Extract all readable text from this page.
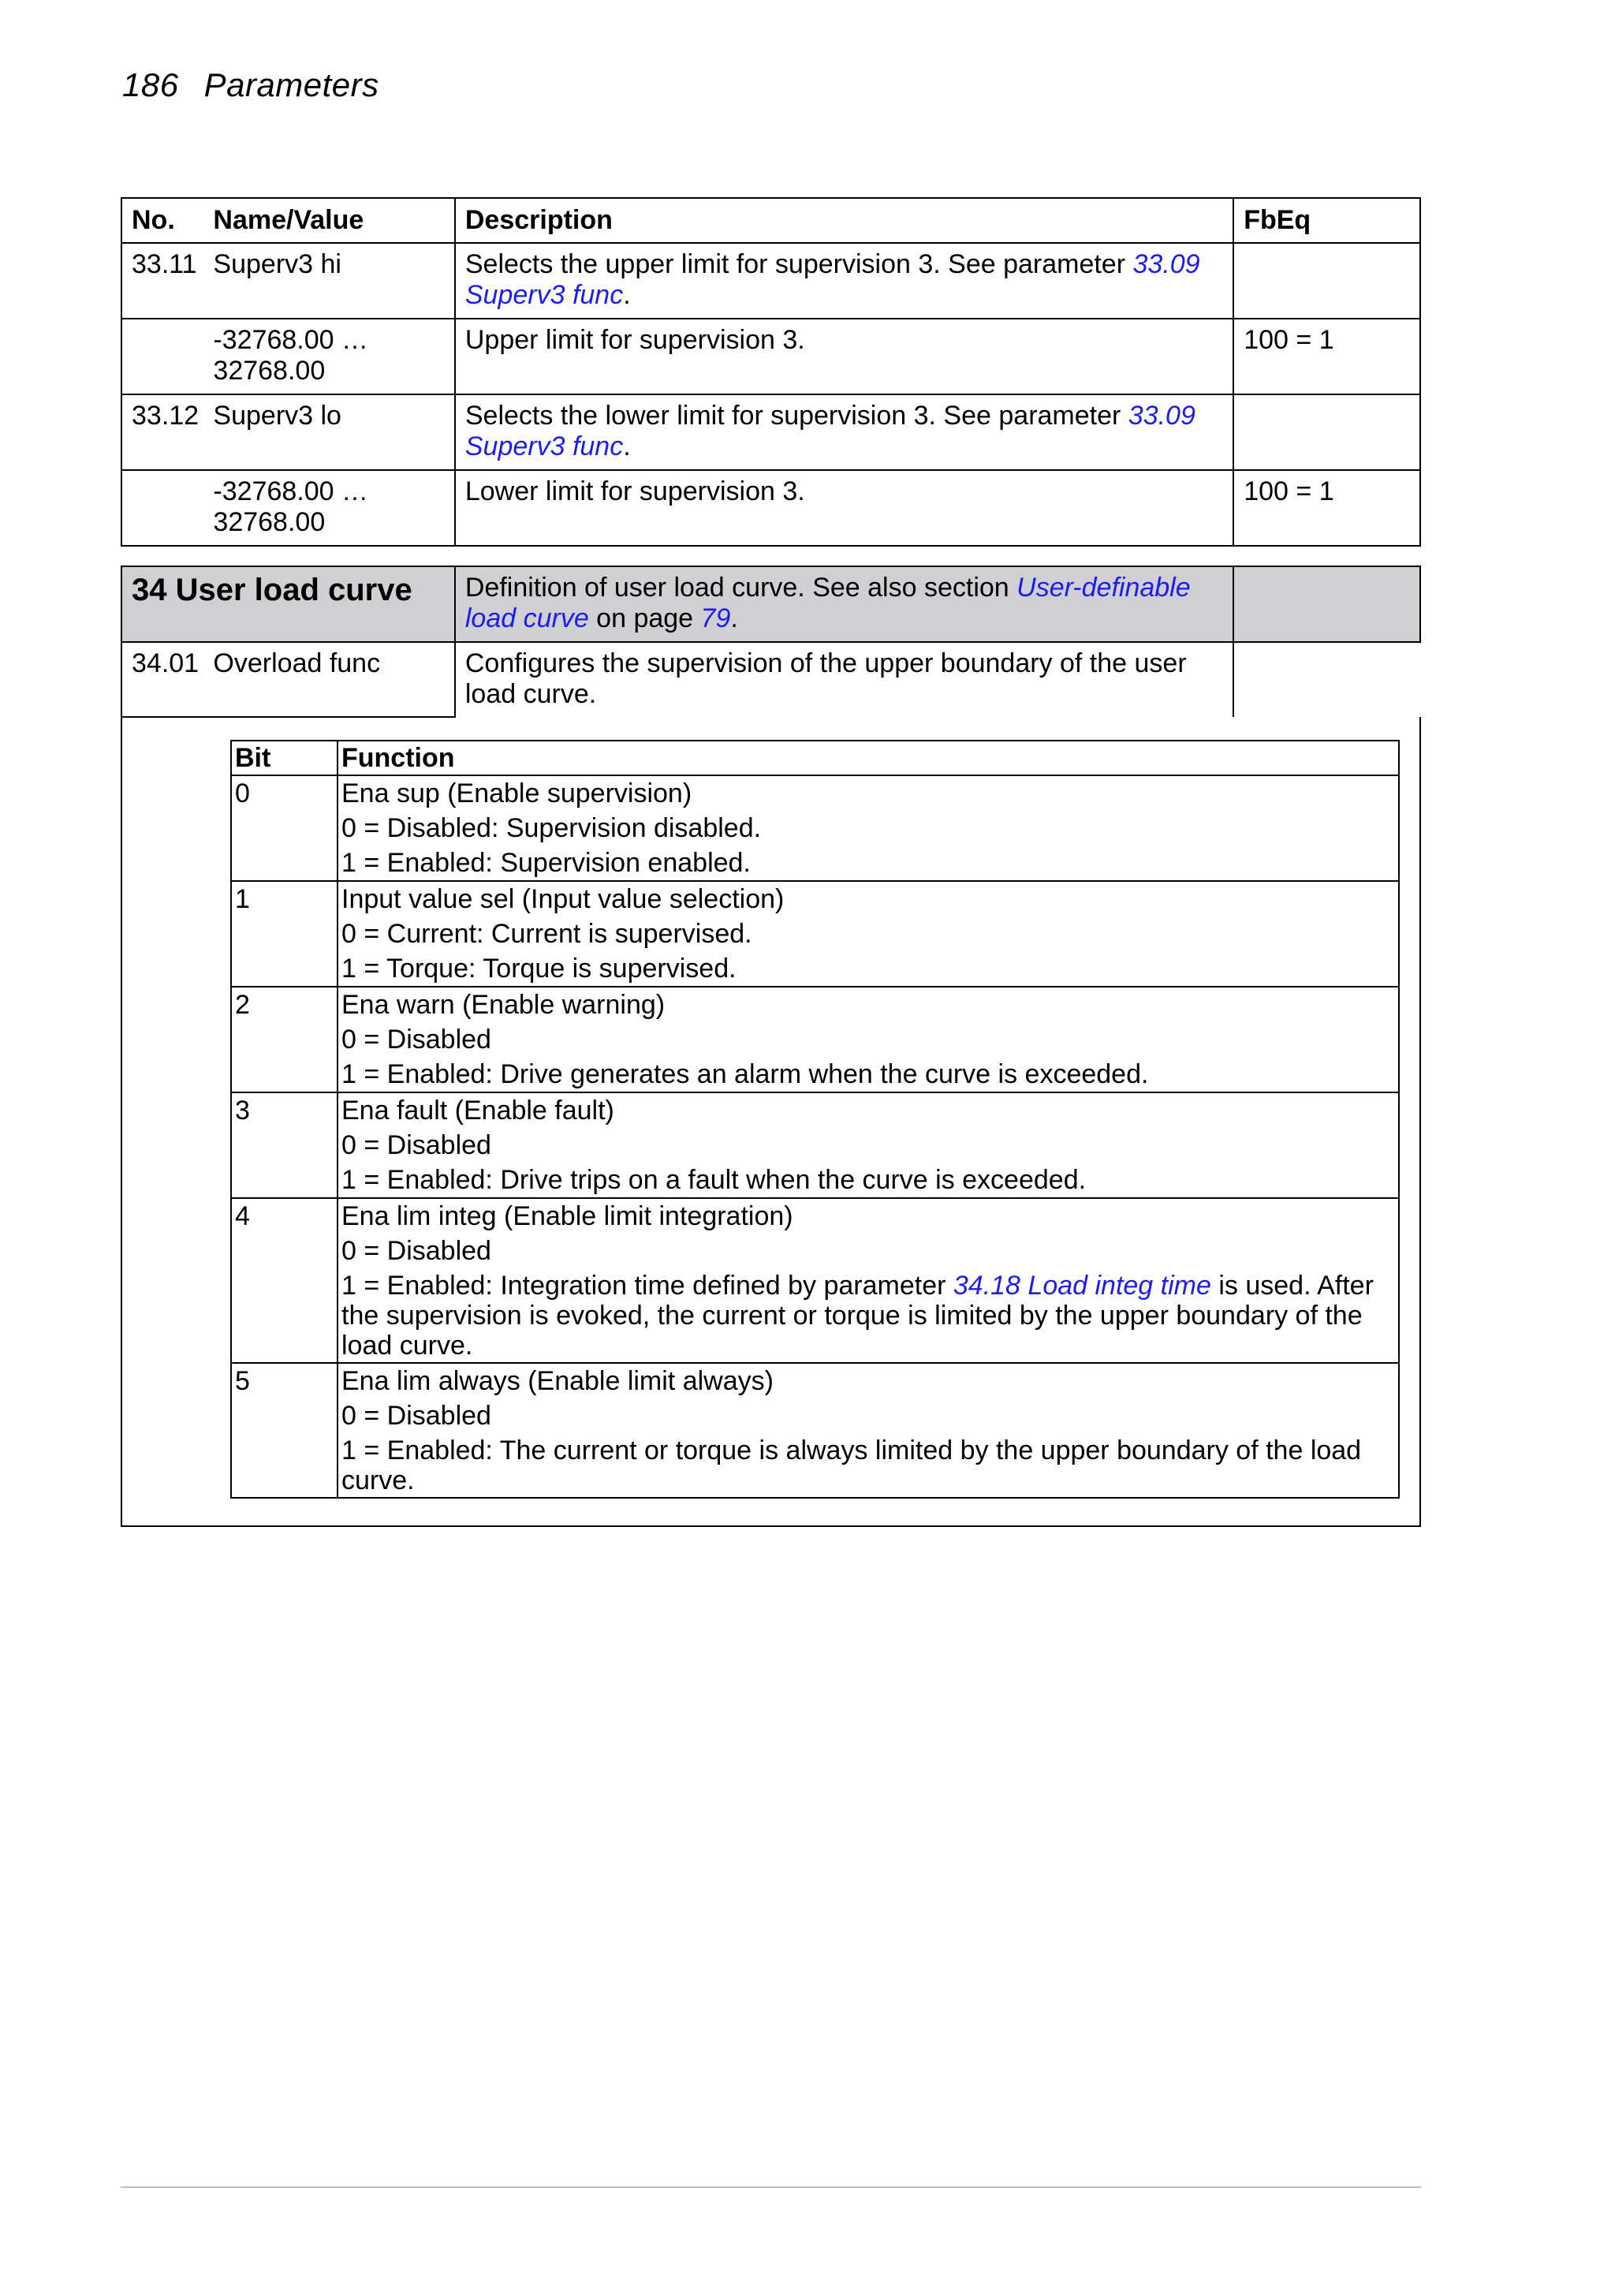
186 Parameters
No.	Name/Value	Description	FbEq
33.11	Superv3 hi	Selects the upper limit for supervision 3. See parameter 33.09 Superv3 func.	
	-32768.00 … 32768.00	Upper limit for supervision 3.	100 = 1
33.12	Superv3 lo	Selects the lower limit for supervision 3. See parameter 33.09 Superv3 func.	
	-32768.00 … 32768.00	Lower limit for supervision 3.	100 = 1

34 User load curve	Definition of user load curve. See also section User-definable load curve on page 79.	
34.01	Overload func	Configures the supervision of the upper boundary of the user load curve.	

Bit	Function
0	Ena sup (Enable supervision)
0 = Disabled: Supervision disabled.
1 = Enabled: Supervision enabled.

1	Input value sel (Input value selection)
0 = Current: Current is supervised.
1 = Torque: Torque is supervised.

2	Ena warn (Enable warning)
0 = Disabled
1 = Enabled: Drive generates an alarm when the curve is exceeded.

3	Ena fault (Enable fault)
0 = Disabled
1 = Enabled: Drive trips on a fault when the curve is exceeded.

4	Ena lim integ (Enable limit integration)
0 = Disabled
1 = Enabled: Integration time defined by parameter 34.18 Load integ time is used. After the supervision is evoked, the current or torque is limited by the upper boundary of the load curve.

5	Ena lim always (Enable limit always)
0 = Disabled
1 = Enabled: The current or torque is always limited by the upper boundary of the load curve.
